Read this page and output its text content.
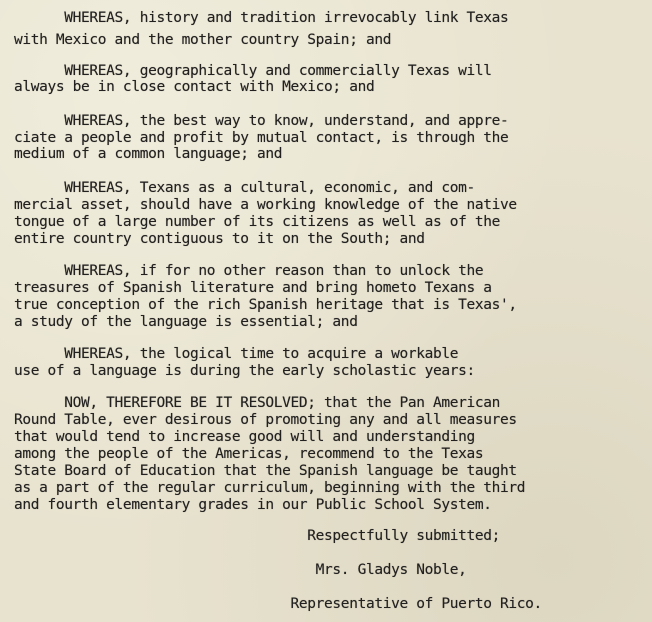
WHEREAS, history and tradition irrevocably link Texas
with Mexico and the mother country Spain; and
WHEREAS, geographically and commercially Texas will
always be in close contact with Mexico; and
WHEREAS, the best way to know, understand, and appre-
ciate a people and profit by mutual contact, is through the
medium of a common language; and
WHEREAS, Texans as a cultural, economic, and com-
mercial asset, should have a working knowledge of the native
tongue of a large number of its citizens as well as of the
entire country contiguous to it on the South; and
WHEREAS, if for no other reason than to unlock the
treasures of Spanish literature and bring hometo Texans a
true conception of the rich Spanish heritage that is Texas',
a study of the language is essential; and
WHEREAS, the logical time to acquire a workable
use of a language is during the early scholastic years:
NOW, THEREFORE BE IT RESOLVED; that the Pan American
Round Table, ever desirous of promoting any and all measures
that would tend to increase good will and understanding
among the people of the Americas, recommend to the Texas
State Board of Education that the Spanish language be taught
as a part of the regular curriculum, beginning with the third
and fourth elementary grades in our Public School System.
Respectfully submitted;
Mrs. Gladys Noble,
Representative of Puerto Rico.
